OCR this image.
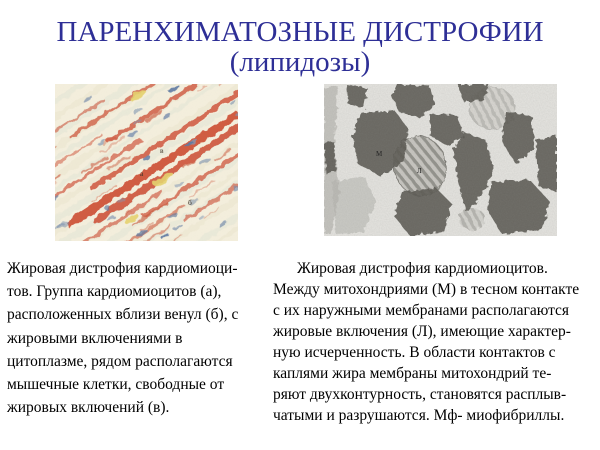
ПАРЕНХИМАТОЗНЫЕ ДИСТРОФИИ
(липидозы)
а
б
в	М
Л

Жировая дистрофия кардиомиоци-
тов. Группа кардиомиоцитов (а),
расположенных вблизи венул (б), с
жировыми включениями в
цитоплазме, рядом располагаются
мышечные клетки, свободные от
жировых включений (в).

Жировая дистрофия кардиомиоцитов.
Между митохондриями (М) в тесном контакте
с их наружными мембранами располагаются
жировые включения (Л), имеющие характер-
ную исчерченность. В области контактов с
каплями жира мембраны митохондрий те-
ряют двухконтурность, становятся расплыв-
чатыми и разрушаются. Мф- миофибриллы.
